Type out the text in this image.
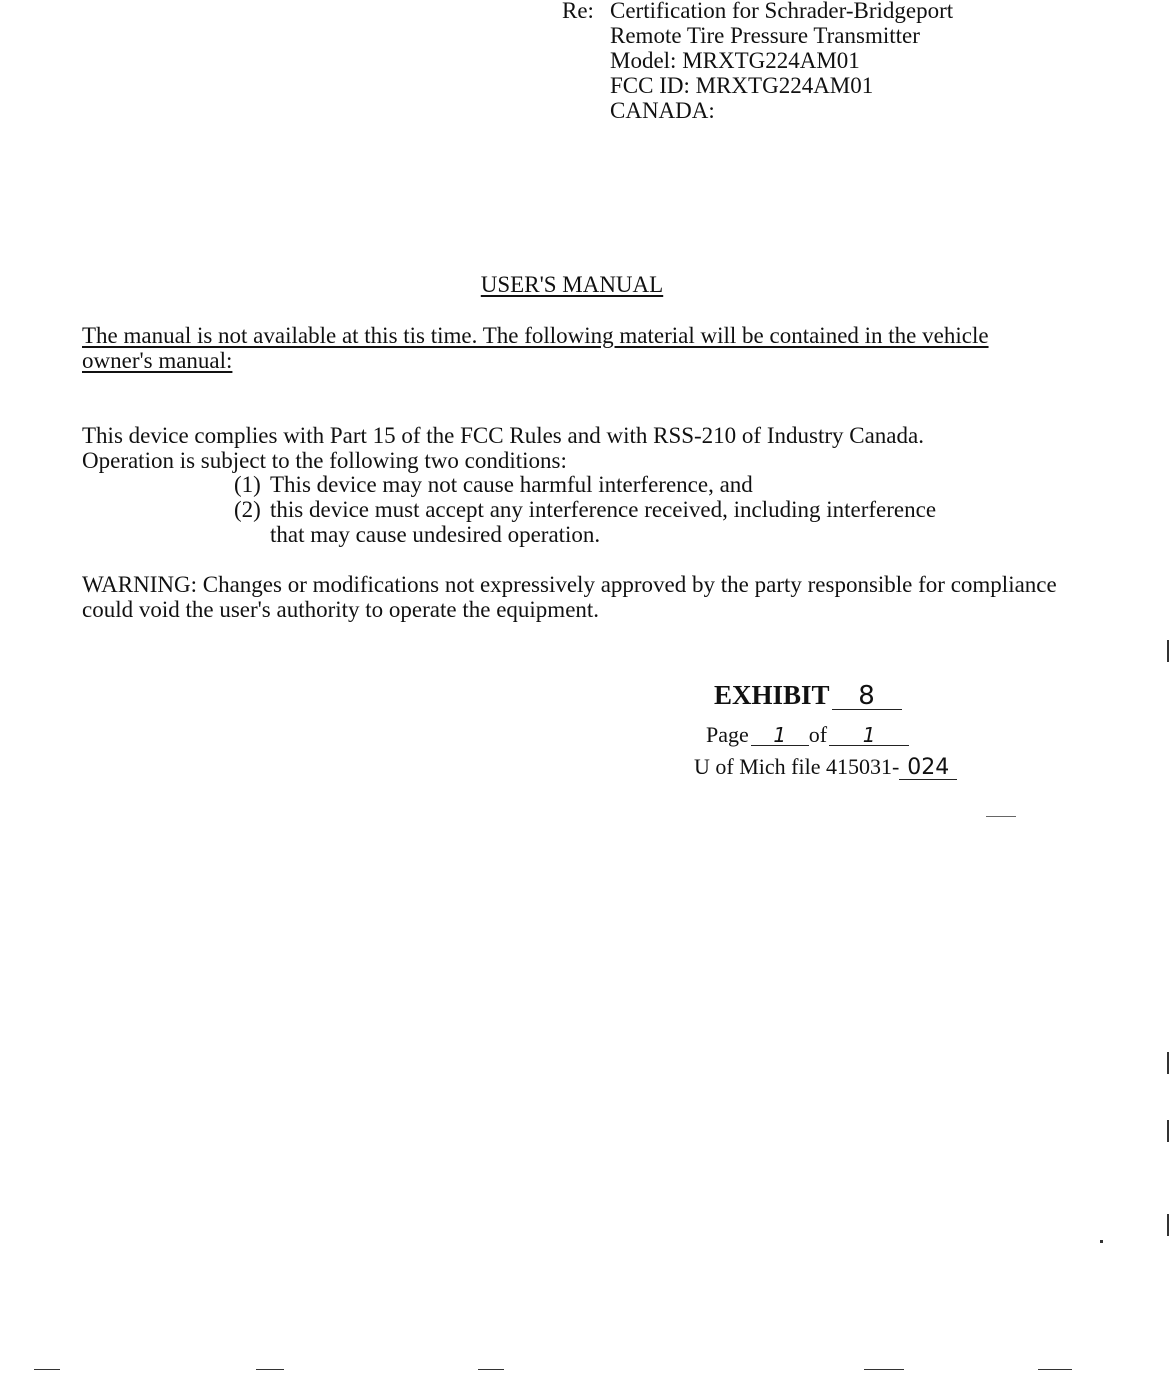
Re: Certification for Schrader-Bridgeport
Remote Tire Pressure Transmitter
Model: MRXTG224AM01
FCC ID: MRXTG224AM01
CANADA:
USER'S MANUAL
The manual is not available at this tis time. The following material will be contained in the vehicle owner's manual:
This device complies with Part 15 of the FCC Rules and with RSS-210 of Industry Canada.
Operation is subject to the following two conditions:
(1) This device may not cause harmful interference, and
(2) this device must accept any interference received, including interference
that may cause undesired operation.
WARNING: Changes or modifications not expressively approved by the party responsible for compliance could void the user's authority to operate the equipment.
EXHIBIT	8
Page	1	of	1
U of Mich file 415031- 024
